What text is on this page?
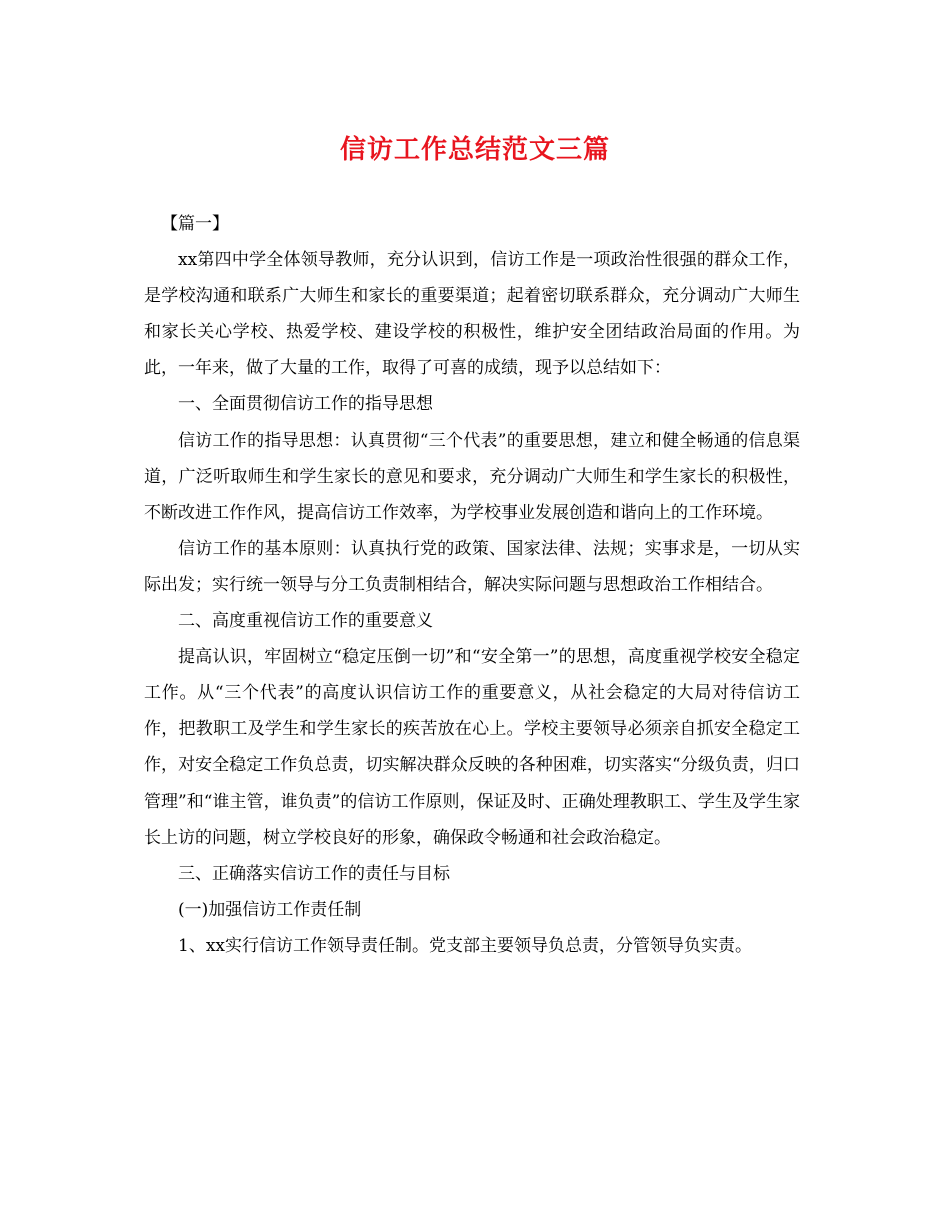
信访工作总结范文三篇

【篇一】

xx第四中学全体领导教师，充分认识到，信访工作是一项政治性很强的群众工作，是学校沟通和联系广大师生和家长的重要渠道；起着密切联系群众，充分调动广大师生和家长关心学校、热爱学校、建设学校的积极性，维护安全团结政治局面的作用。为此，一年来，做了大量的工作，取得了可喜的成绩，现予以总结如下：

一、全面贯彻信访工作的指导思想

信访工作的指导思想：认真贯彻“三个代表”的重要思想，建立和健全畅通的信息渠道，广泛听取师生和学生家长的意见和要求，充分调动广大师生和学生家长的积极性，不断改进工作作风，提高信访工作效率，为学校事业发展创造和谐向上的工作环境。

信访工作的基本原则：认真执行党的政策、国家法律、法规；实事求是，一切从实际出发；实行统一领导与分工负责制相结合，解决实际问题与思想政治工作相结合。

二、高度重视信访工作的重要意义

提高认识，牢固树立“稳定压倒一切”和“安全第一”的思想，高度重视学校安全稳定工作。从“三个代表”的高度认识信访工作的重要意义，从社会稳定的大局对待信访工作，把教职工及学生和学生家长的疾苦放在心上。学校主要领导必须亲自抓安全稳定工作，对安全稳定工作负总责，切实解决群众反映的各种困难，切实落实“分级负责，归口管理”和“谁主管，谁负责”的信访工作原则，保证及时、正确处理教职工、学生及学生家长上访的问题，树立学校良好的形象，确保政令畅通和社会政治稳定。

三、正确落实信访工作的责任与目标

(一)加强信访工作责任制

1、xx实行信访工作领导责任制。党支部主要领导负总责，分管领导负实责。
